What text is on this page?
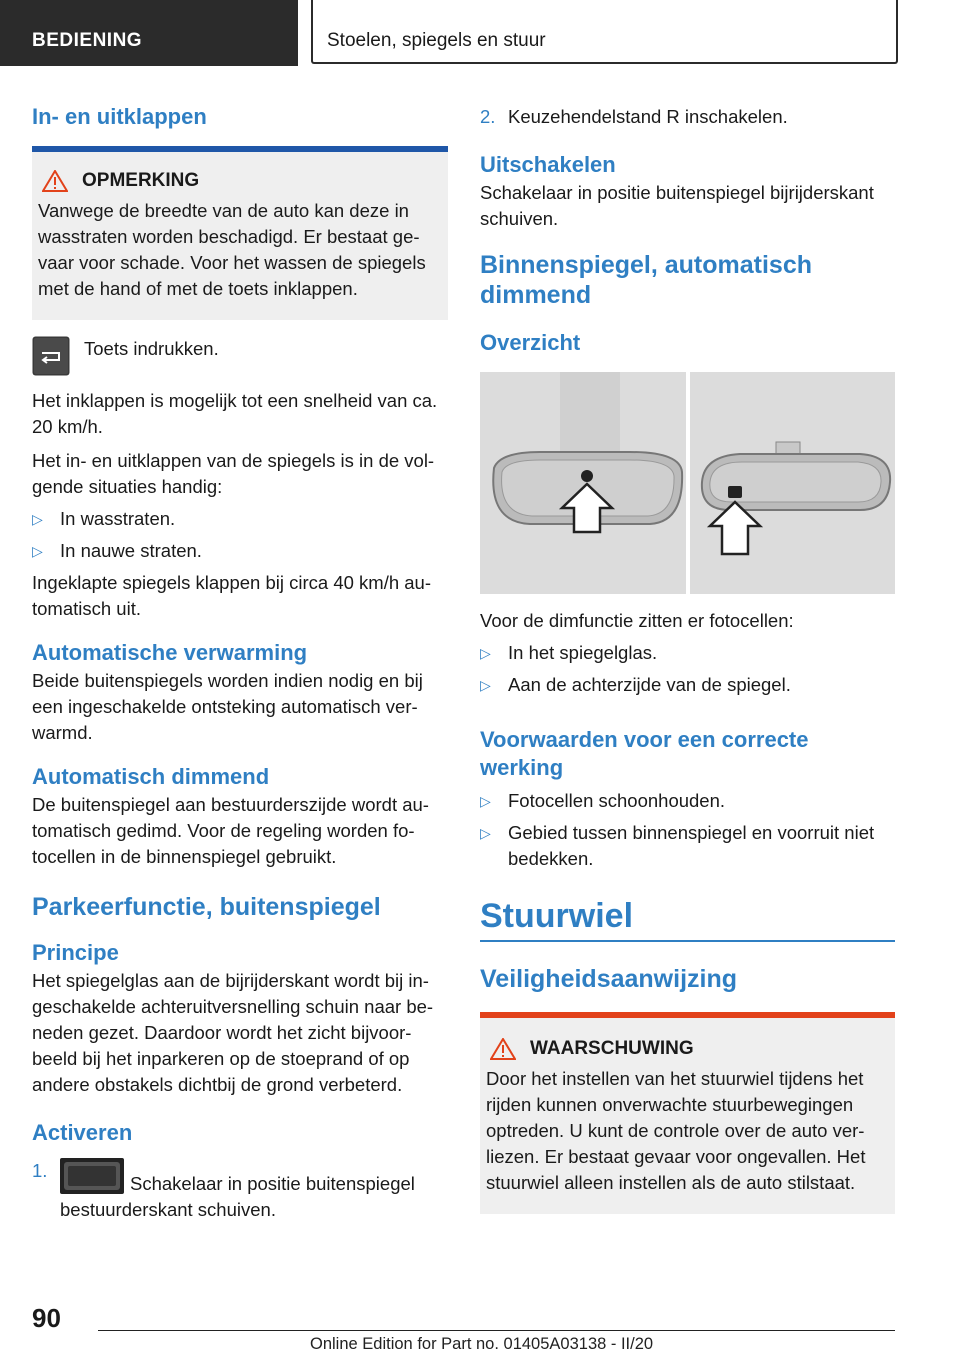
BEDIENING	Stoelen, spiegels en stuur

In- en uitklappen

OPMERKING

Vanwege de breedte van de auto kan deze in wasstraten worden beschadigd. Er bestaat ge-vaar voor schade. Voor het wassen de spiegels met de hand of met de toets inklappen.

Toets indrukken.

Het inklappen is mogelijk tot een snelheid van ca. 20 km/h.

Het in- en uitklappen van de spiegels is in de vol-gende situaties handig:

▷ In wasstraten.
▷ In nauwe straten.

Ingeklapte spiegels klappen bij circa 40 km/h au-tomatisch uit.

Automatische verwarming

Beide buitenspiegels worden indien nodig en bij een ingeschakelde ontsteking automatisch ver-warmd.

Automatisch dimmend

De buitenspiegel aan bestuurderszijde wordt au-tomatisch gedimd. Voor de regeling worden fo-tocellen in de binnenspiegel gebruikt.

Parkeerfunctie, buitenspiegel

Principe

Het spiegelglas aan de bijrijderskant wordt bij in-geschakelde achteruitversnelling schuin naar be-neden gezet. Daardoor wordt het zicht bijvoor-beeld bij het inparkeren op de stoeprand of op andere obstakels dichtbij de grond verbeterd.

Activeren

1.
Schakelaar in positie buitenspiegel bestuurderskant schuiven.
2. Keuzehendelstand R inschakelen.

Uitschakelen

Schakelaar in positie buitenspiegel bijrijderskant schuiven.

Binnenspiegel, automatisch dimmend

Overzicht

Voor de dimfunctie zitten er fotocellen:

▷ In het spiegelglas.
▷ Aan de achterzijde van de spiegel.

Voorwaarden voor een correcte werking

▷ Fotocellen schoonhouden.
▷ Gebied tussen binnenspiegel en voorruit niet bedekken.

Stuurwiel

Veiligheidsaanwijzing

WAARSCHUWING

Door het instellen van het stuurwiel tijdens het rijden kunnen onverwachte stuurbewegingen optreden. U kunt de controle over de auto ver-liezen. Er bestaat gevaar voor ongevallen. Het stuurwiel alleen instellen als de auto stilstaat.

90
Online Edition for Part no. 01405A03138 - II/20
